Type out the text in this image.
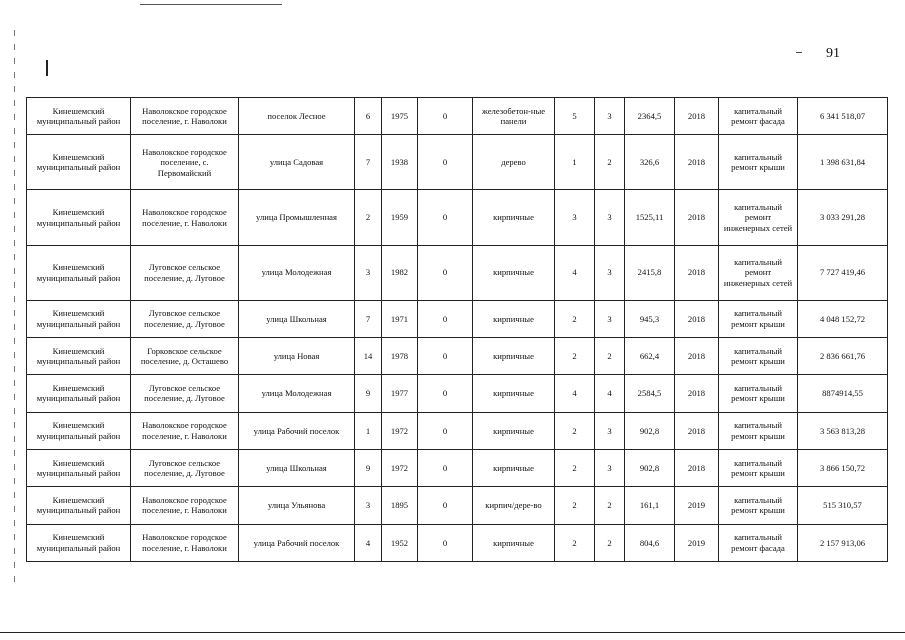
91
Кинешемский муниципальный район	Наволокское городское поселение, г. Наволоки	поселок Лесное	6	1975	0	железобетон-ные панели	5	3	2364,5	2018	капитальный ремонт фасада	6 341 518,07
Кинешемский муниципальный район	Наволокское городское поселение, с. Первомайский	улица Садовая	7	1938	0	дерево	1	2	326,6	2018	капитальный ремонт крыши	1 398 631,84
Кинешемский муниципальный район	Наволокское городское поселение, г. Наволоки	улица Промышленная	2	1959	0	кирпичные	3	3	1525,11	2018	капитальный ремонт инженерных сетей	3 033 291,28
Кинешемский муниципальный район	Луговское сельское поселение, д. Луговое	улица Молодежная	3	1982	0	кирпичные	4	3	2415,8	2018	капитальный ремонт инженерных сетей	7 727 419,46
Кинешемский муниципальный район	Луговское сельское поселение, д. Луговое	улица Школьная	7	1971	0	кирпичные	2	3	945,3	2018	капитальный ремонт крыши	4 048 152,72
Кинешемский муниципальный район	Горковское сельское поселение, д. Осташево	улица Новая	14	1978	0	кирпичные	2	2	662,4	2018	капитальный ремонт крыши	2 836 661,76
Кинешемский муниципальный район	Луговское сельское поселение, д. Луговое	улица Молодежная	9	1977	0	кирпичные	4	4	2584,5	2018	капитальный ремонт крыши	8874914,55
Кинешемский муниципальный район	Наволокское городское поселение, г. Наволоки	улица Рабочий поселок	1	1972	0	кирпичные	2	3	902,8	2018	капитальный ремонт крыши	3 563 813,28
Кинешемский муниципальный район	Луговское сельское поселение, д. Луговое	улица Школьная	9	1972	0	кирпичные	2	3	902,8	2018	капитальный ремонт крыши	3 866 150,72
Кинешемский муниципальный район	Наволокское городское поселение, г. Наволоки	улица Ульянова	3	1895	0	кирпич/дере-во	2	2	161,1	2019	капитальный ремонт крыши	515 310,57
Кинешемский муниципальный район	Наволокское городское поселение, г. Наволоки	улица Рабочий поселок	4	1952	0	кирпичные	2	2	804,6	2019	капитальный ремонт фасада	2 157 913,06
